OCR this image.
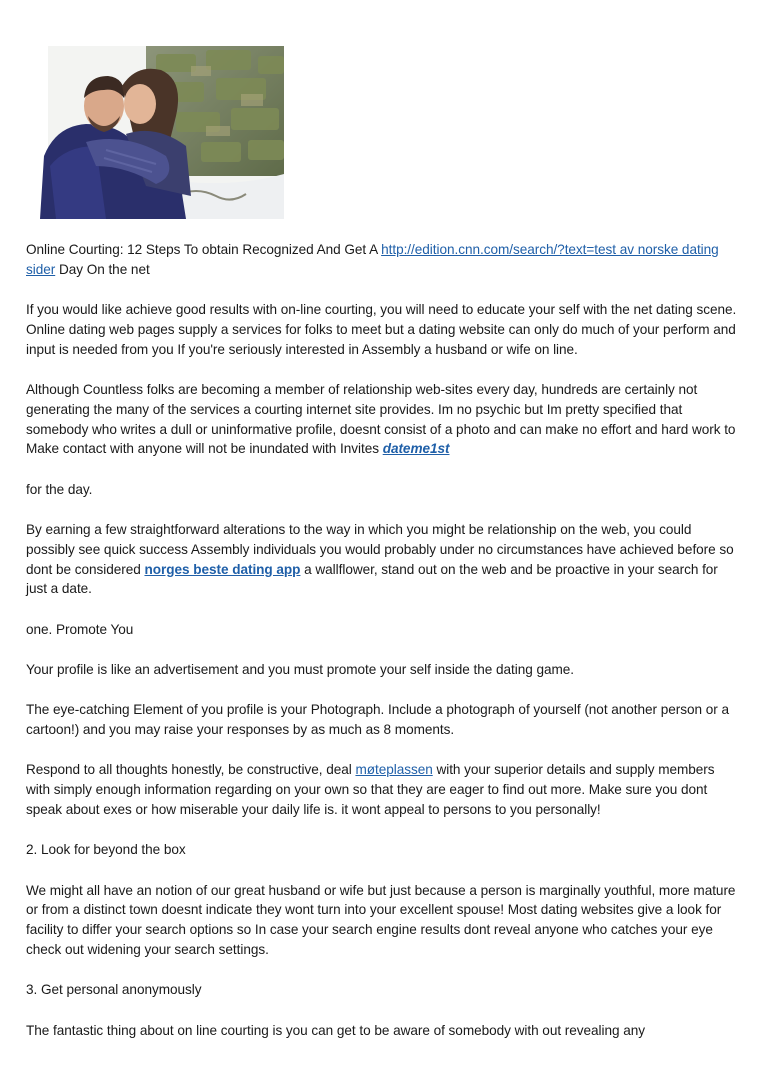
Online Courting: 12 Steps To obtain Recognized And Get A http://edition.cnn.com/search/?text=test av norske dating sider Day On the net

If you would like achieve good results with on-line courting, you will need to educate your self with the net dating scene. Online dating web pages supply a services for folks to meet but a dating website can only do much of your perform and input is needed from you If you're seriously interested in Assembly a husband or wife on line.

Although Countless folks are becoming a member of relationship web-sites every day, hundreds are certainly not generating the many of the services a courting internet site provides. Im no psychic but Im pretty specified that somebody who writes a dull or uninformative profile, doesnt consist of a photo and can make no effort and hard work to Make contact with anyone will not be inundated with Invites dateme1st

for the day.

By earning a few straightforward alterations to the way in which you might be relationship on the web, you could possibly see quick success Assembly individuals you would probably under no circumstances have achieved before so dont be considered norges beste dating app a wallflower, stand out on the web and be proactive in your search for just a date.

one. Promote You

Your profile is like an advertisement and you must promote your self inside the dating game.

The eye-catching Element of you profile is your Photograph. Include a photograph of yourself (not another person or a cartoon!) and you may raise your responses by as much as 8 moments.

Respond to all thoughts honestly, be constructive, deal møteplassen with your superior details and supply members with simply enough information regarding on your own so that they are eager to find out more. Make sure you dont speak about exes or how miserable your daily life is. it wont appeal to persons to you personally!

2. Look for beyond the box

We might all have an notion of our great husband or wife but just because a person is marginally youthful, more mature or from a distinct town doesnt indicate they wont turn into your excellent spouse! Most dating websites give a look for facility to differ your search options so In case your search engine results dont reveal anyone who catches your eye check out widening your search settings.

3. Get personal anonymously

The fantastic thing about on line courting is you can get to be aware of somebody with out revealing any
